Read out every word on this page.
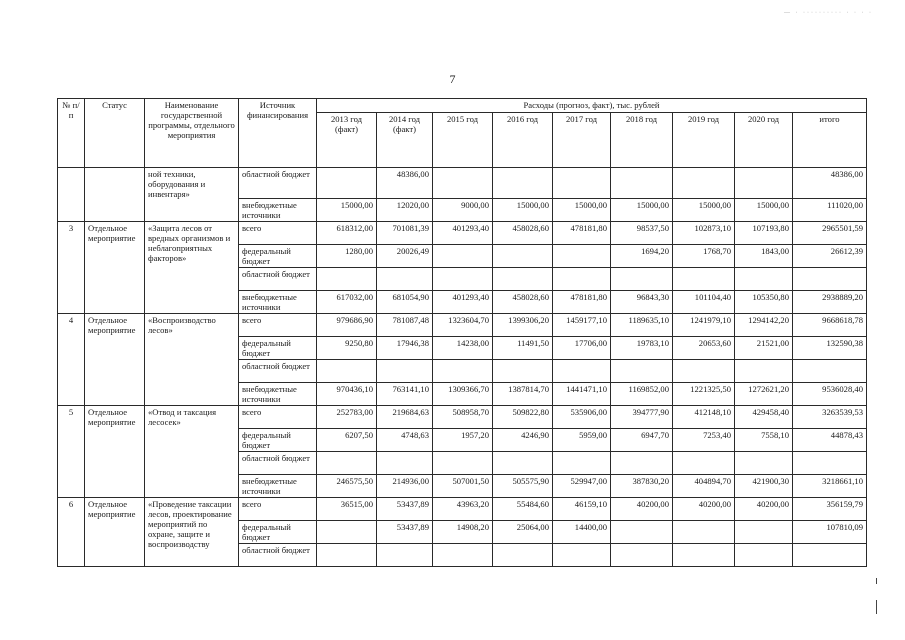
— · ·········· · · · ·
7
№ п/п	Статус	Наименование государственной программы, отдельного мероприятия	Источник финансирования	Расходы (прогноз, факт), тыс. рублей								
				2013 год (факт)	2014 год (факт)	2015 год	2016 год	2017 год	2018 год	2019 год	2020 год	итого
		ной техники, оборудования и инвентаря»	областной бюджет		48386,00							48386,00
			внебюджетные источники	15000,00	12020,00	9000,00	15000,00	15000,00	15000,00	15000,00	15000,00	111020,00
3	Отдельное мероприятие	«Защита лесов от вредных организмов и неблагоприятных факторов»	всего	618312,00	701081,39	401293,40	458028,60	478181,80	98537,50	102873,10	107193,80	2965501,59
			федеральный бюджет	1280,00	20026,49				1694,20	1768,70	1843,00	26612,39
			областной бюджет									
			внебюджетные источники	617032,00	681054,90	401293,40	458028,60	478181,80	96843,30	101104,40	105350,80	2938889,20
4	Отдельное мероприятие	«Воспроизводство лесов»	всего	979686,90	781087,48	1323604,70	1399306,20	1459177,10	1189635,10	1241979,10	1294142,20	9668618,78
			федеральный бюджет	9250,80	17946,38	14238,00	11491,50	17706,00	19783,10	20653,60	21521,00	132590,38
			областной бюджет									
			внебюджетные источники	970436,10	763141,10	1309366,70	1387814,70	1441471,10	1169852,00	1221325,50	1272621,20	9536028,40
5	Отдельное мероприятие	«Отвод и таксация лесосек»	всего	252783,00	219684,63	508958,70	509822,80	535906,00	394777,90	412148,10	429458,40	3263539,53
			федеральный бюджет	6207,50	4748,63	1957,20	4246,90	5959,00	6947,70	7253,40	7558,10	44878,43
			областной бюджет									
			внебюджетные источники	246575,50	214936,00	507001,50	505575,90	529947,00	387830,20	404894,70	421900,30	3218661,10
6	Отдельное мероприятие	«Проведение таксации лесов, проектирование мероприятий по охране, защите и воспроизводству	всего	36515,00	53437,89	43963,20	55484,60	46159,10	40200,00	40200,00	40200,00	356159,79
			федеральный бюджет		53437,89	14908,20	25064,00	14400,00				107810,09
			областной бюджет									
